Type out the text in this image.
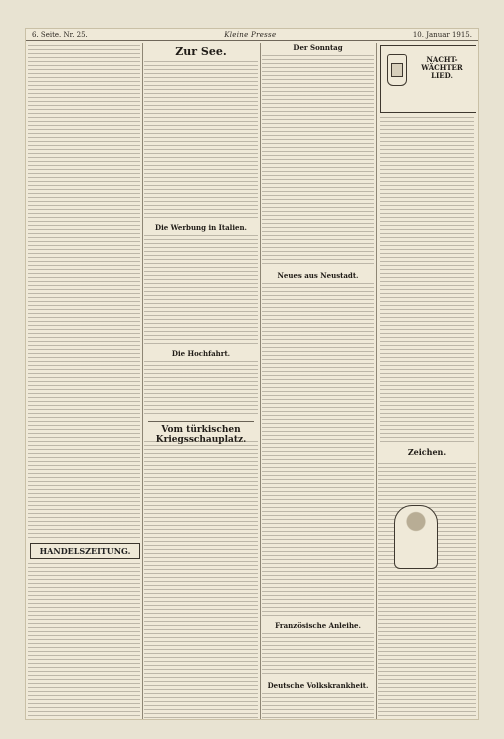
6. Seite. Nr. 25.	Kleine Presse	10. Januar 1915.
HANDELSZEITUNG.
Zur See.
Die Werbung in Italien.
Die Hochfahrt.
Vom türkischen Kriegsschauplatz.
Der Sonntag
Neues aus Neustadt.
Französische Anleihe.
Deutsche Volkskrankheit.
NACHT-WÄCHTER LIED.
Zeichen.
